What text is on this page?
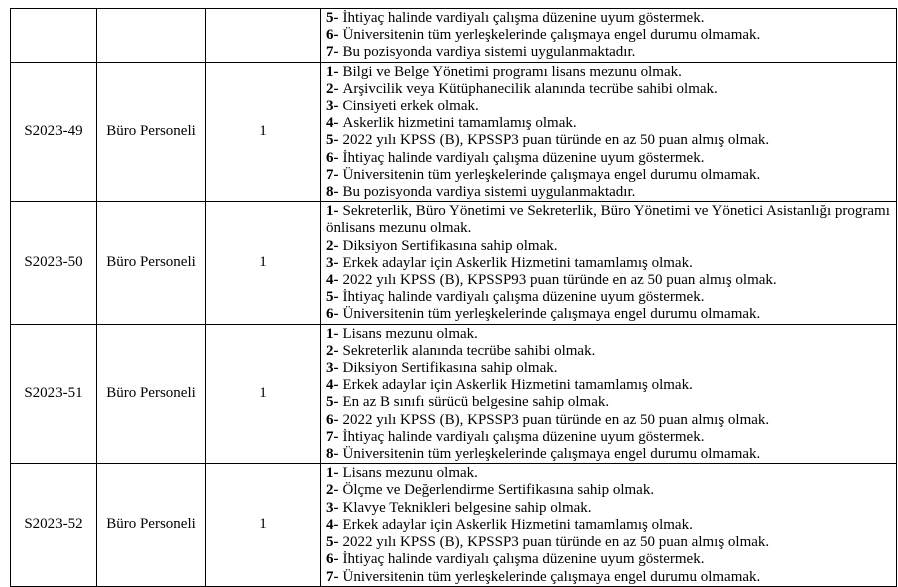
			5- İhtiyaç halinde vardiyalı çalışma düzenine uyum göstermek.
6- Üniversitenin tüm yerleşkelerinde çalışmaya engel durumu olmamak.
7- Bu pozisyonda vardiya sistemi uygulanmaktadır.

S2023-49	Büro Personeli	1	
1- Bilgi ve Belge Yönetimi programı lisans mezunu olmak.
2- Arşivcilik veya Kütüphanecilik alanında tecrübe sahibi olmak.
3- Cinsiyeti erkek olmak.
4- Askerlik hizmetini tamamlamış olmak.
5- 2022 yılı KPSS (B), KPSSP3 puan türünde en az 50 puan almış olmak.
6- İhtiyaç halinde vardiyalı çalışma düzenine uyum göstermek.
7- Üniversitenin tüm yerleşkelerinde çalışmaya engel durumu olmamak.
8- Bu pozisyonda vardiya sistemi uygulanmaktadır.

S2023-50	Büro Personeli	1	
1- Sekreterlik, Büro Yönetimi ve Sekreterlik, Büro Yönetimi ve Yönetici Asistanlığı programı önlisans mezunu olmak.
2- Diksiyon Sertifikasına sahip olmak.
3- Erkek adaylar için Askerlik Hizmetini tamamlamış olmak.
4- 2022 yılı KPSS (B), KPSSP93 puan türünde en az 50 puan almış olmak.
5- İhtiyaç halinde vardiyalı çalışma düzenine uyum göstermek.
6- Üniversitenin tüm yerleşkelerinde çalışmaya engel durumu olmamak.

S2023-51	Büro Personeli	1	
1- Lisans mezunu olmak.
2- Sekreterlik alanında tecrübe sahibi olmak.
3- Diksiyon Sertifikasına sahip olmak.
4- Erkek adaylar için Askerlik Hizmetini tamamlamış olmak.
5- En az B sınıfı sürücü belgesine sahip olmak.
6- 2022 yılı KPSS (B), KPSSP3 puan türünde en az 50 puan almış olmak.
7- İhtiyaç halinde vardiyalı çalışma düzenine uyum göstermek.
8- Üniversitenin tüm yerleşkelerinde çalışmaya engel durumu olmamak.

S2023-52	Büro Personeli	1	
1- Lisans mezunu olmak.
2- Ölçme ve Değerlendirme Sertifikasına sahip olmak.
3- Klavye Teknikleri belgesine sahip olmak.
4- Erkek adaylar için Askerlik Hizmetini tamamlamış olmak.
5- 2022 yılı KPSS (B), KPSSP3 puan türünde en az 50 puan almış olmak.
6- İhtiyaç halinde vardiyalı çalışma düzenine uyum göstermek.
7- Üniversitenin tüm yerleşkelerinde çalışmaya engel durumu olmamak.
